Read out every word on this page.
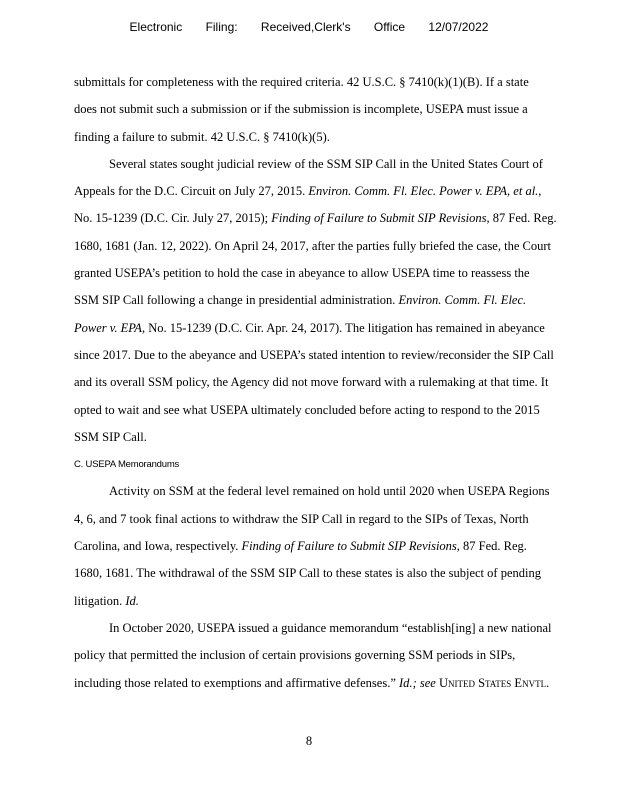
Electronic Filing: Received,Clerk's Office 12/07/2022
submittals for completeness with the required criteria. 42 U.S.C. § 7410(k)(1)(B). If a state
does not submit such a submission or if the submission is incomplete, USEPA must issue a
finding a failure to submit. 42 U.S.C. § 7410(k)(5).
Several states sought judicial review of the SSM SIP Call in the United States Court of
Appeals for the D.C. Circuit on July 27, 2015. Environ. Comm. Fl. Elec. Power v. EPA, et al.,
No. 15-1239 (D.C. Cir. July 27, 2015); Finding of Failure to Submit SIP Revisions, 87 Fed. Reg.
1680, 1681 (Jan. 12, 2022). On April 24, 2017, after the parties fully briefed the case, the Court
granted USEPA’s petition to hold the case in abeyance to allow USEPA time to reassess the
SSM SIP Call following a change in presidential administration. Environ. Comm. Fl. Elec.
Power v. EPA, No. 15-1239 (D.C. Cir. Apr. 24, 2017). The litigation has remained in abeyance
since 2017. Due to the abeyance and USEPA’s stated intention to review/reconsider the SIP Call
and its overall SSM policy, the Agency did not move forward with a rulemaking at that time. It
opted to wait and see what USEPA ultimately concluded before acting to respond to the 2015
SSM SIP Call.
C. USEPA Memorandums
Activity on SSM at the federal level remained on hold until 2020 when USEPA Regions
4, 6, and 7 took final actions to withdraw the SIP Call in regard to the SIPs of Texas, North
Carolina, and Iowa, respectively. Finding of Failure to Submit SIP Revisions, 87 Fed. Reg.
1680, 1681. The withdrawal of the SSM SIP Call to these states is also the subject of pending
litigation. Id.
In October 2020, USEPA issued a guidance memorandum “establish[ing] a new national
policy that permitted the inclusion of certain provisions governing SSM periods in SIPs,
including those related to exemptions and affirmative defenses.” Id.; see United States Envtl.
8
